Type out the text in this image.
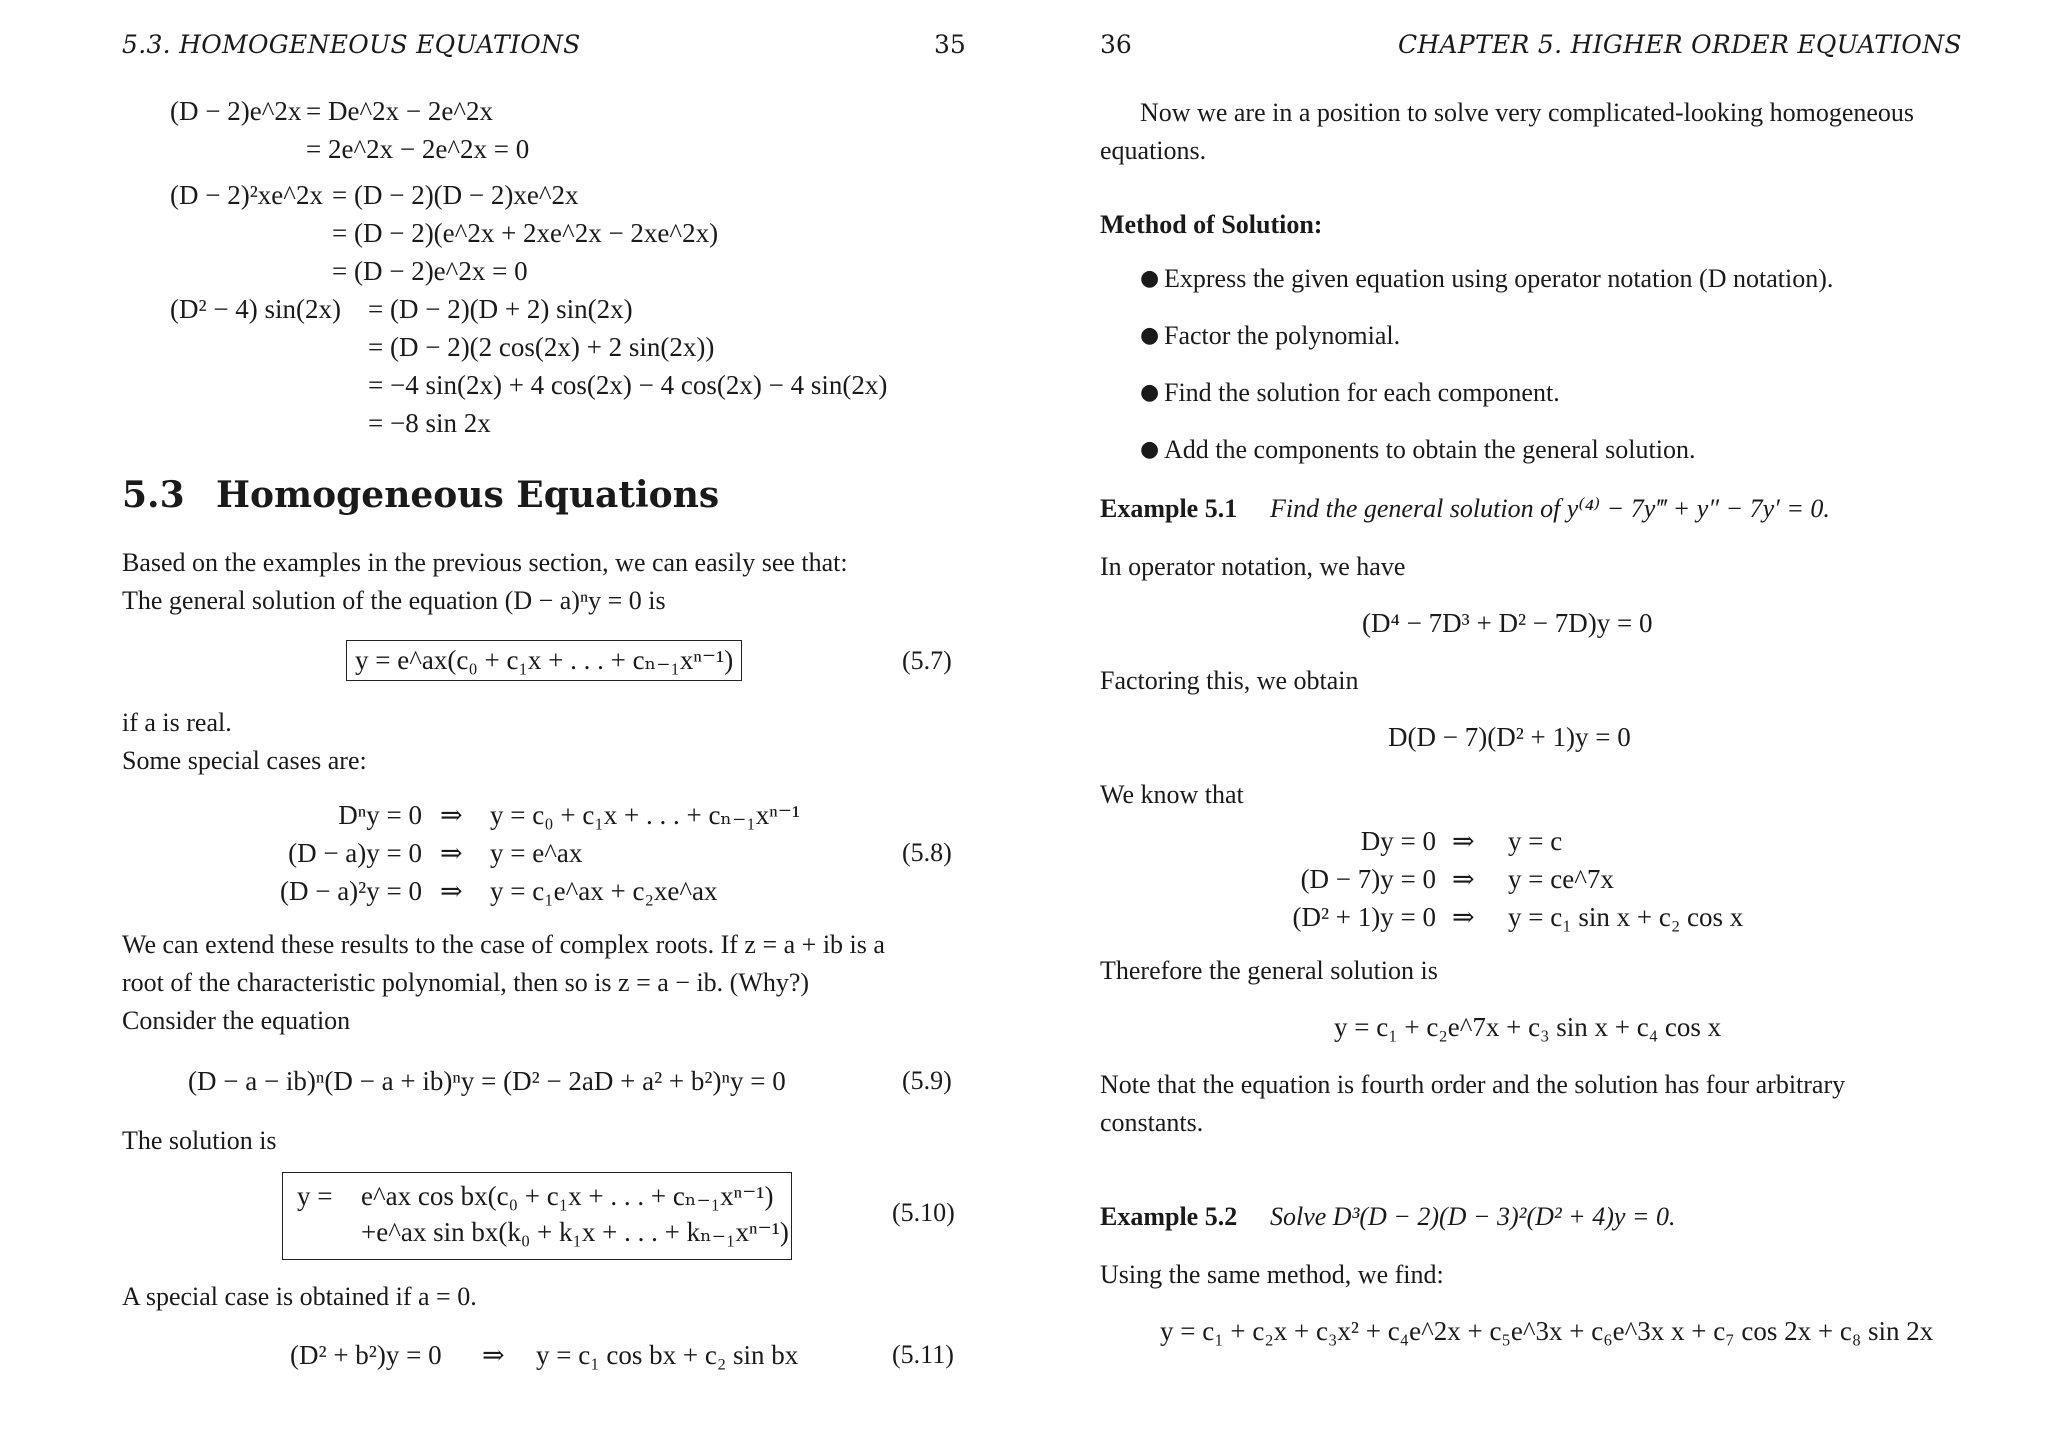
5.3. HOMOGENEOUS EQUATIONS	35
(D − 2)e^2x = De^2x − 2e^2x
= 2e^2x − 2e^2x = 0
(D − 2)²xe^2x = (D − 2)(D − 2)xe^2x
= (D − 2)(e^2x + 2xe^2x − 2xe^2x)
= (D − 2)e^2x = 0
(D² − 4) sin(2x) = (D − 2)(D + 2) sin(2x)
= (D − 2)(2 cos(2x) + 2 sin(2x))
= −4 sin(2x) + 4 cos(2x) − 4 cos(2x) − 4 sin(2x)
= −8 sin 2x
5.3 Homogeneous Equations
Based on the examples in the previous section, we can easily see that:
The general solution of the equation (D − a)ⁿy = 0 is
y = e^ax(c₀ + c₁x + . . . + cₙ₋₁xⁿ⁻¹)	(5.7)
if a is real.
Some special cases are:
Dⁿy = 0 ⇒ y = c₀ + c₁x + . . . + cₙ₋₁xⁿ⁻¹
(D − a)y = 0 ⇒ y = e^ax
(D − a)²y = 0 ⇒ y = c₁e^ax + c₂xe^ax
(5.8)
We can extend these results to the case of complex roots. If z = a + ib is a
root of the characteristic polynomial, then so is z = a − ib. (Why?)
Consider the equation
(D − a − ib)ⁿ(D − a + ib)ⁿy = (D² − 2aD + a² + b²)ⁿy = 0	(5.9)
The solution is
y = e^ax cos bx(c₀ + c₁x + . . . + cₙ₋₁xⁿ⁻¹)
+e^ax sin bx(k₀ + k₁x + . . . + kₙ₋₁xⁿ⁻¹)
(5.10)
A special case is obtained if a = 0.
(D² + b²)y = 0 ⇒ y = c₁ cos bx + c₂ sin bx	(5.11)
36	CHAPTER 5. HIGHER ORDER EQUATIONS
Now we are in a position to solve very complicated-looking homogeneous
equations.
Method of Solution:
● Express the given equation using operator notation (D notation).
● Factor the polynomial.
● Find the solution for each component.
● Add the components to obtain the general solution.
Example 5.1 Find the general solution of y⁽⁴⁾ − 7y‴ + y″ − 7y′ = 0.
In operator notation, we have
(D⁴ − 7D³ + D² − 7D)y = 0
Factoring this, we obtain
D(D − 7)(D² + 1)y = 0
We know that
Dy = 0 ⇒ y = c
(D − 7)y = 0 ⇒ y = ce^7x
(D² + 1)y = 0 ⇒ y = c₁ sin x + c₂ cos x
Therefore the general solution is
y = c₁ + c₂e^7x + c₃ sin x + c₄ cos x
Note that the equation is fourth order and the solution has four arbitrary
constants.
Example 5.2 Solve D³(D − 2)(D − 3)²(D² + 4)y = 0.
Using the same method, we find:
y = c₁ + c₂x + c₃x² + c₄e^2x + c₅e^3x + c₆e^3x x + c₇ cos 2x + c₈ sin 2x
